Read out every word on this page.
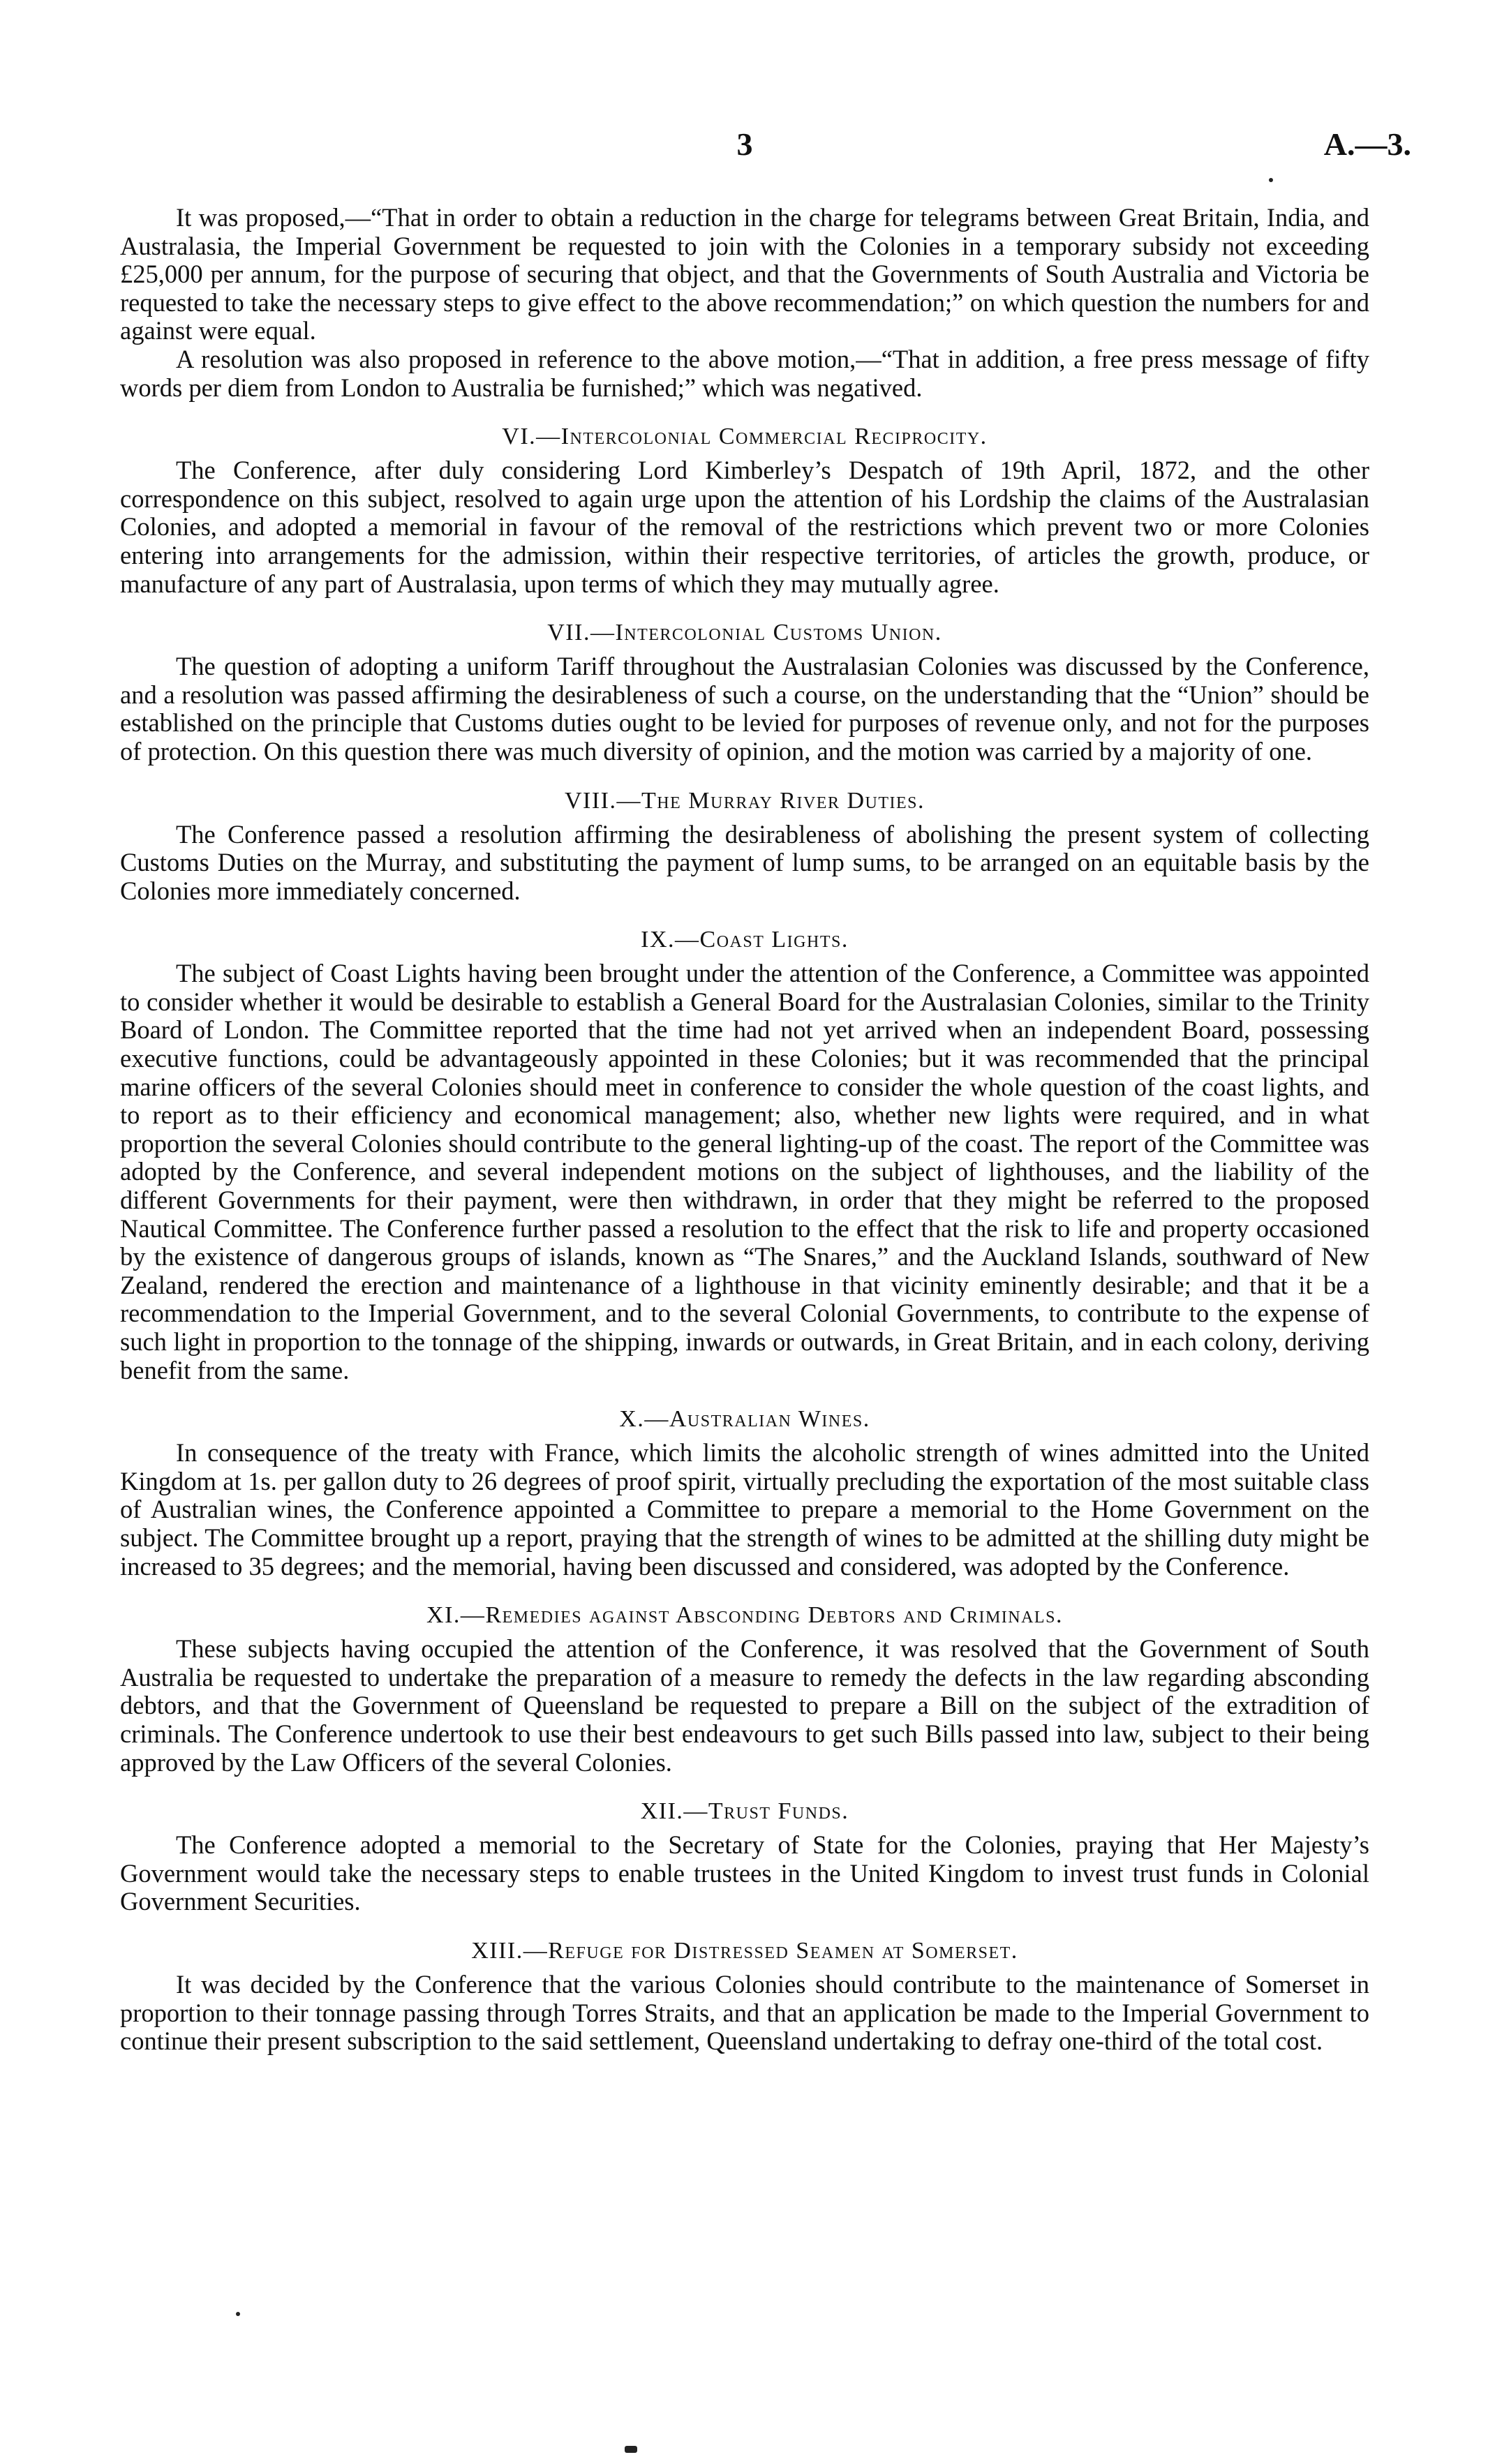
3	A.—3.

It was proposed,—“That in order to obtain a reduction in the charge for telegrams between Great Britain, India, and Australasia, the Imperial Government be requested to join with the Colonies in a temporary subsidy not exceeding £25,000 per annum, for the purpose of securing that object, and that the Governments of South Australia and Victoria be requested to take the necessary steps to give effect to the above recommendation;” on which question the numbers for and against were equal.

A resolution was also proposed in reference to the above motion,—“That in addition, a free press message of fifty words per diem from London to Australia be furnished;” which was negatived.

VI.—Intercolonial Commercial Reciprocity.

The Conference, after duly considering Lord Kimberley’s Despatch of 19th April, 1872, and the other correspondence on this subject, resolved to again urge upon the attention of his Lordship the claims of the Australasian Colonies, and adopted a memorial in favour of the removal of the restrictions which prevent two or more Colonies entering into arrangements for the admission, within their respective territories, of articles the growth, produce, or manufacture of any part of Australasia, upon terms of which they may mutually agree.

VII.—Intercolonial Customs Union.

The question of adopting a uniform Tariff throughout the Australasian Colonies was discussed by the Conference, and a resolution was passed affirming the desirableness of such a course, on the understanding that the “Union” should be established on the principle that Customs duties ought to be levied for purposes of revenue only, and not for the purposes of protection. On this question there was much diversity of opinion, and the motion was carried by a majority of one.

VIII.—The Murray River Duties.

The Conference passed a resolution affirming the desirableness of abolishing the present system of collecting Customs Duties on the Murray, and substituting the payment of lump sums, to be arranged on an equitable basis by the Colonies more immediately concerned.

IX.—Coast Lights.

The subject of Coast Lights having been brought under the attention of the Conference, a Committee was appointed to consider whether it would be desirable to establish a General Board for the Australasian Colonies, similar to the Trinity Board of London. The Committee reported that the time had not yet arrived when an independent Board, possessing executive functions, could be advantageously appointed in these Colonies; but it was recommended that the principal marine officers of the several Colonies should meet in conference to consider the whole question of the coast lights, and to report as to their efficiency and economical management; also, whether new lights were required, and in what proportion the several Colonies should contribute to the general lighting-up of the coast. The report of the Committee was adopted by the Conference, and several independent motions on the subject of lighthouses, and the liability of the different Governments for their payment, were then withdrawn, in order that they might be referred to the proposed Nautical Committee. The Conference further passed a resolution to the effect that the risk to life and property occasioned by the existence of dangerous groups of islands, known as “The Snares,” and the Auckland Islands, southward of New Zealand, rendered the erection and maintenance of a lighthouse in that vicinity eminently desirable; and that it be a recommendation to the Imperial Government, and to the several Colonial Governments, to contribute to the expense of such light in proportion to the tonnage of the shipping, inwards or outwards, in Great Britain, and in each colony, deriving benefit from the same.

X.—Australian Wines.

In consequence of the treaty with France, which limits the alcoholic strength of wines admitted into the United Kingdom at 1s. per gallon duty to 26 degrees of proof spirit, virtually precluding the exportation of the most suitable class of Australian wines, the Conference appointed a Committee to prepare a memorial to the Home Government on the subject. The Committee brought up a report, praying that the strength of wines to be admitted at the shilling duty might be increased to 35 degrees; and the memorial, having been discussed and considered, was adopted by the Conference.

XI.—Remedies against Absconding Debtors and Criminals.

These subjects having occupied the attention of the Conference, it was resolved that the Government of South Australia be requested to undertake the preparation of a measure to remedy the defects in the law regarding absconding debtors, and that the Government of Queensland be requested to prepare a Bill on the subject of the extradition of criminals. The Conference undertook to use their best endeavours to get such Bills passed into law, subject to their being approved by the Law Officers of the several Colonies.

XII.—Trust Funds.

The Conference adopted a memorial to the Secretary of State for the Colonies, praying that Her Majesty’s Government would take the necessary steps to enable trustees in the United Kingdom to invest trust funds in Colonial Government Securities.

XIII.—Refuge for Distressed Seamen at Somerset.

It was decided by the Conference that the various Colonies should contribute to the maintenance of Somerset in proportion to their tonnage passing through Torres Straits, and that an application be made to the Imperial Government to continue their present subscription to the said settlement, Queensland undertaking to defray one-third of the total cost.
